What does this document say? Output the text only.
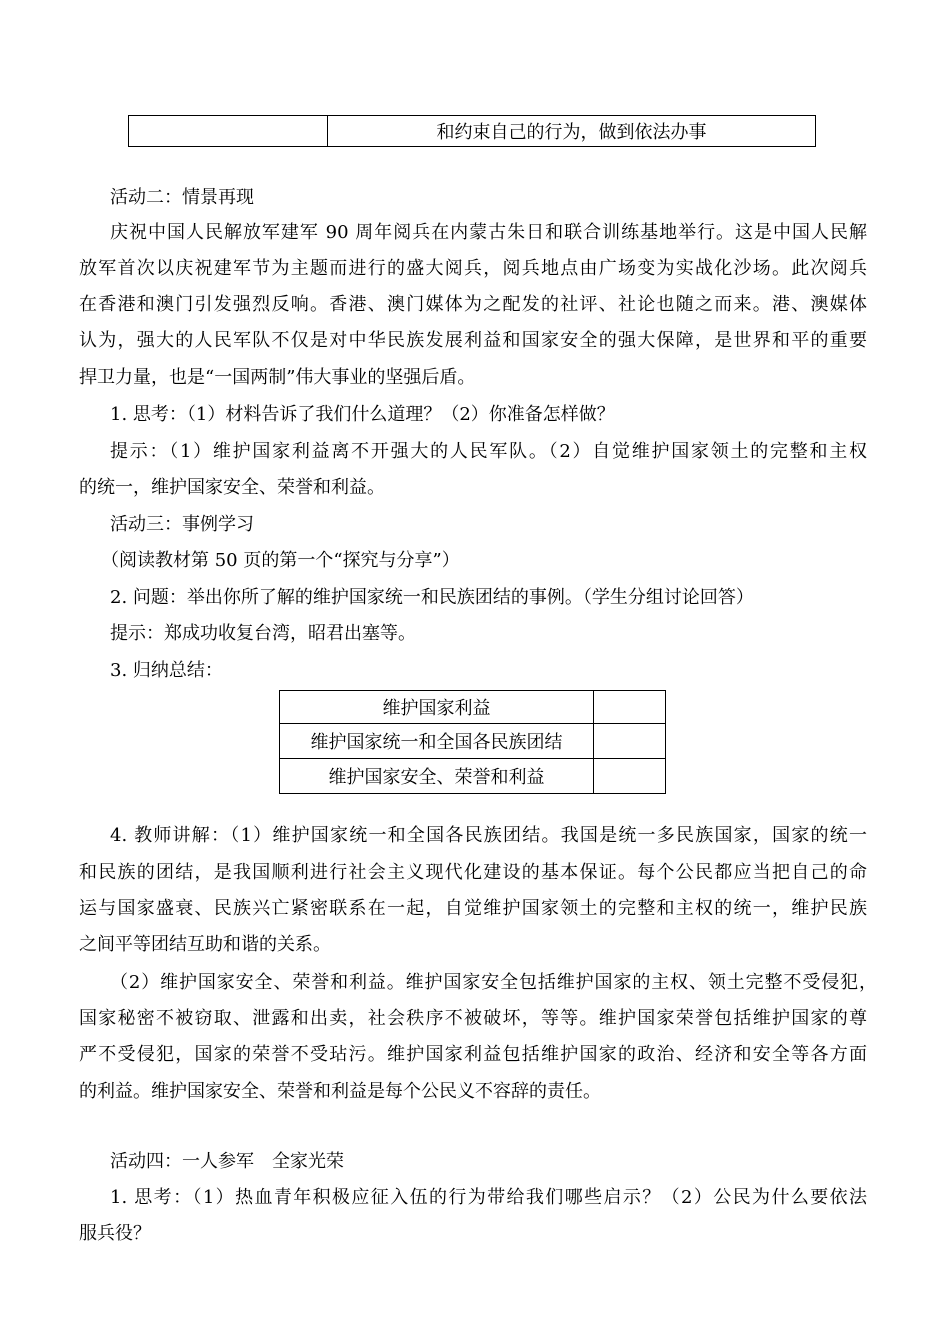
	和约束自己的行为，做到依法办事
活动二：情景再现
庆祝中国人民解放军建军 90 周年阅兵在内蒙古朱日和联合训练基地举行。这是中国人民解
放军首次以庆祝建军节为主题而进行的盛大阅兵，阅兵地点由广场变为实战化沙场。此次阅兵
在香港和澳门引发强烈反响。香港、澳门媒体为之配发的社评、社论也随之而来。港、澳媒体
认为，强大的人民军队不仅是对中华民族发展利益和国家安全的强大保障，是世界和平的重要
捍卫力量，也是“一国两制”伟大事业的坚强后盾。
1. 思考：（1）材料告诉了我们什么道理？（2）你准备怎样做？
提示：（1）维护国家利益离不开强大的人民军队。（2）自觉维护国家领土的完整和主权
的统一，维护国家安全、荣誉和利益。
活动三：事例学习
（阅读教材第 50 页的第一个“探究与分享”）
2. 问题：举出你所了解的维护国家统一和民族团结的事例。（学生分组讨论回答）
提示：郑成功收复台湾，昭君出塞等。
3. 归纳总结：
维护国家利益	
维护国家统一和全国各民族团结	
维护国家安全、荣誉和利益	
4. 教师讲解：（1）维护国家统一和全国各民族团结。我国是统一多民族国家，国家的统一
和民族的团结，是我国顺利进行社会主义现代化建设的基本保证。每个公民都应当把自己的命
运与国家盛衰、民族兴亡紧密联系在一起，自觉维护国家领土的完整和主权的统一，维护民族
之间平等团结互助和谐的关系。
（2）维护国家安全、荣誉和利益。维护国家安全包括维护国家的主权、领土完整不受侵犯，
国家秘密不被窃取、泄露和出卖，社会秩序不被破坏，等等。维护国家荣誉包括维护国家的尊
严不受侵犯，国家的荣誉不受玷污。维护国家利益包括维护国家的政治、经济和安全等各方面
的利益。维护国家安全、荣誉和利益是每个公民义不容辞的责任。
活动四：一人参军　全家光荣
1. 思考：（1）热血青年积极应征入伍的行为带给我们哪些启示？（2）公民为什么要依法
服兵役？
